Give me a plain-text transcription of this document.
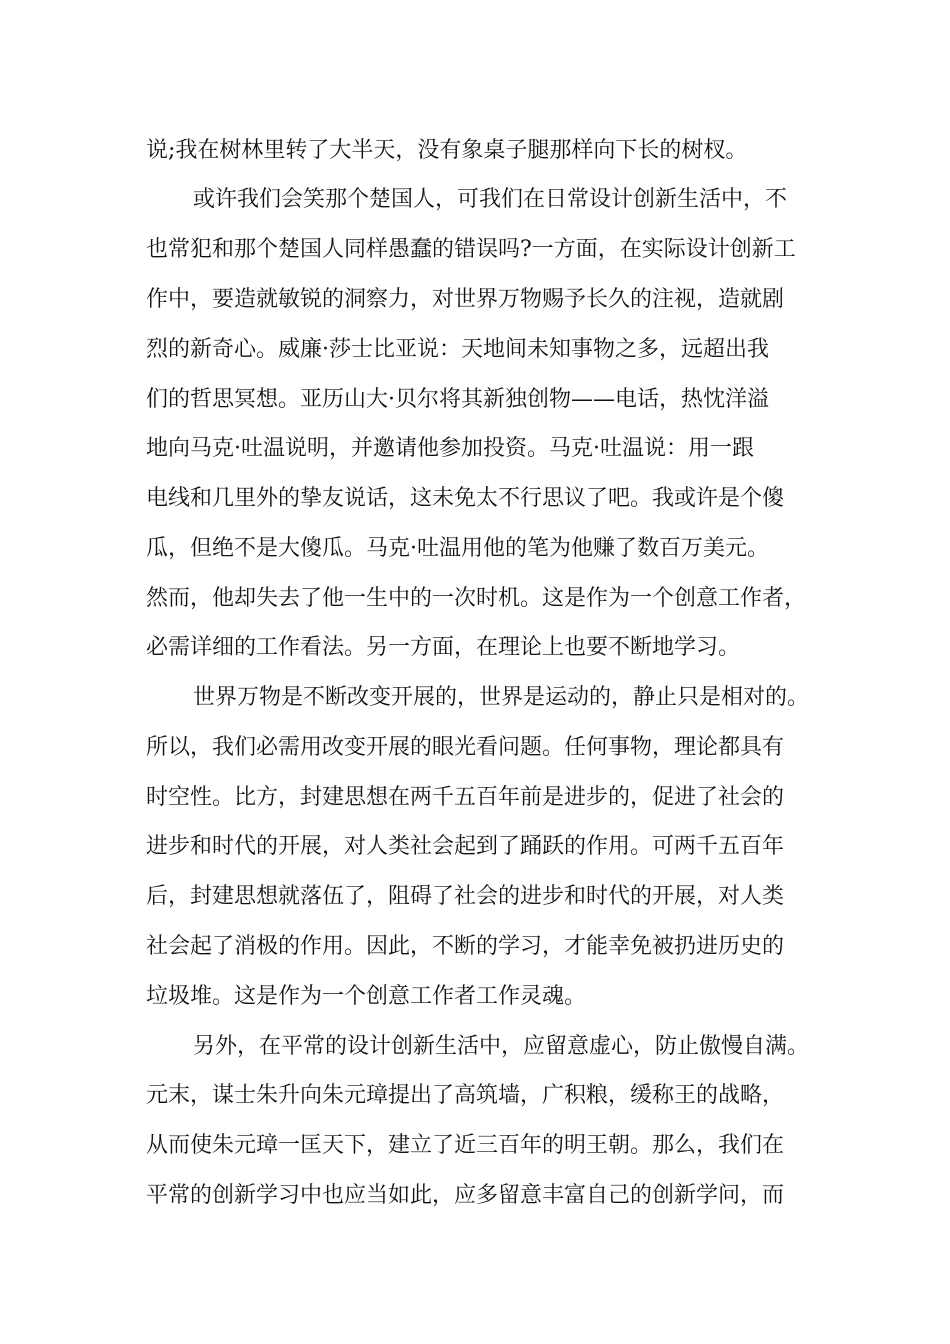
说;我在树林里转了大半天，没有象桌子腿那样向下长的树杈。
或许我们会笑那个楚国人，可我们在日常设计创新生活中，不
也常犯和那个楚国人同样愚蠢的错误吗?一方面，在实际设计创新工
作中，要造就敏锐的洞察力，对世界万物赐予长久的注视，造就剧
烈的新奇心。威廉·莎士比亚说：天地间未知事物之多，远超出我
们的哲思冥想。亚历山大·贝尔将其新独创物——电话，热忱洋溢
地向马克·吐温说明，并邀请他参加投资。马克·吐温说：用一跟
电线和几里外的挚友说话，这未免太不行思议了吧。我或许是个傻
瓜，但绝不是大傻瓜。马克·吐温用他的笔为他赚了数百万美元。
然而，他却失去了他一生中的一次时机。这是作为一个创意工作者，
必需详细的工作看法。另一方面，在理论上也要不断地学习。
世界万物是不断改变开展的，世界是运动的，静止只是相对的。
所以，我们必需用改变开展的眼光看问题。任何事物，理论都具有
时空性。比方，封建思想在两千五百年前是进步的，促进了社会的
进步和时代的开展，对人类社会起到了踊跃的作用。可两千五百年
后，封建思想就落伍了，阻碍了社会的进步和时代的开展，对人类
社会起了消极的作用。因此，不断的学习，才能幸免被扔进历史的
垃圾堆。这是作为一个创意工作者工作灵魂。
另外，在平常的设计创新生活中，应留意虚心，防止傲慢自满。
元末，谋士朱升向朱元璋提出了高筑墙，广积粮，缓称王的战略，
从而使朱元璋一匡天下，建立了近三百年的明王朝。那么，我们在
平常的创新学习中也应当如此，应多留意丰富自己的创新学问，而
